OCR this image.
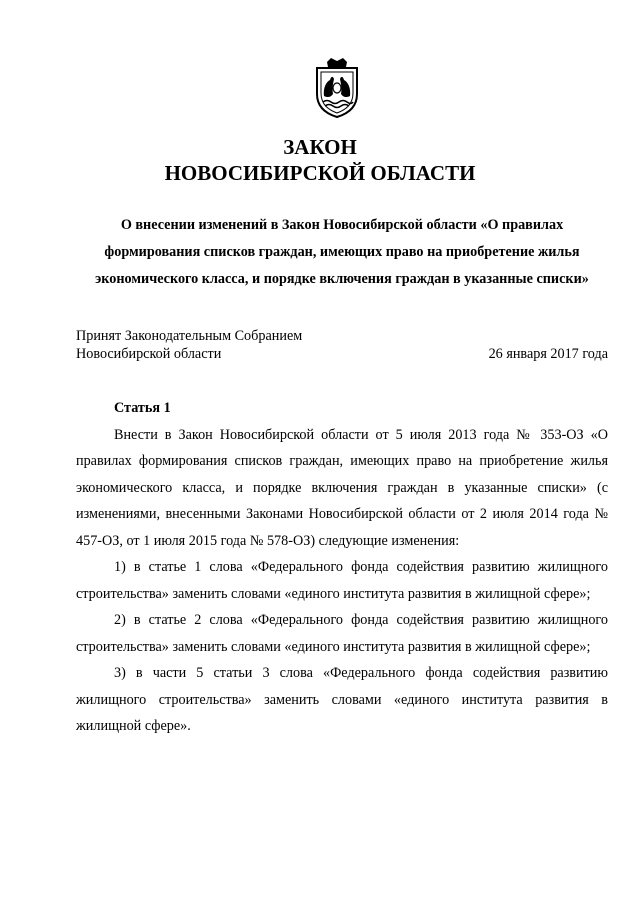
ЗАКОН
НОВОСИБИРСКОЙ ОБЛАСТИ
О внесении изменений в Закон Новосибирской области «О правилах формирования списков граждан, имеющих право на приобретение жилья экономического класса, и порядке включения граждан в указанные списки»
Принят Законодательным Собранием
Новосибирской области	26 января 2017 года

Статья 1

Внести в Закон Новосибирской области от 5 июля 2013 года № 353-ОЗ «О правилах формирования списков граждан, имеющих право на приобретение жилья экономического класса, и порядке включения граждан в указанные списки» (с изменениями, внесенными Законами Новосибирской области от 2 июля 2014 года № 457-ОЗ, от 1 июля 2015 года № 578-ОЗ) следующие изменения:

1) в статье 1 слова «Федерального фонда содействия развитию жилищного строительства» заменить словами «единого института развития в жилищной сфере»;

2) в статье 2 слова «Федерального фонда содействия развитию жилищного строительства» заменить словами «единого института развития в жилищной сфере»;

3) в части 5 статьи 3 слова «Федерального фонда содействия развитию жилищного строительства» заменить словами «единого института развития в жилищной сфере».
